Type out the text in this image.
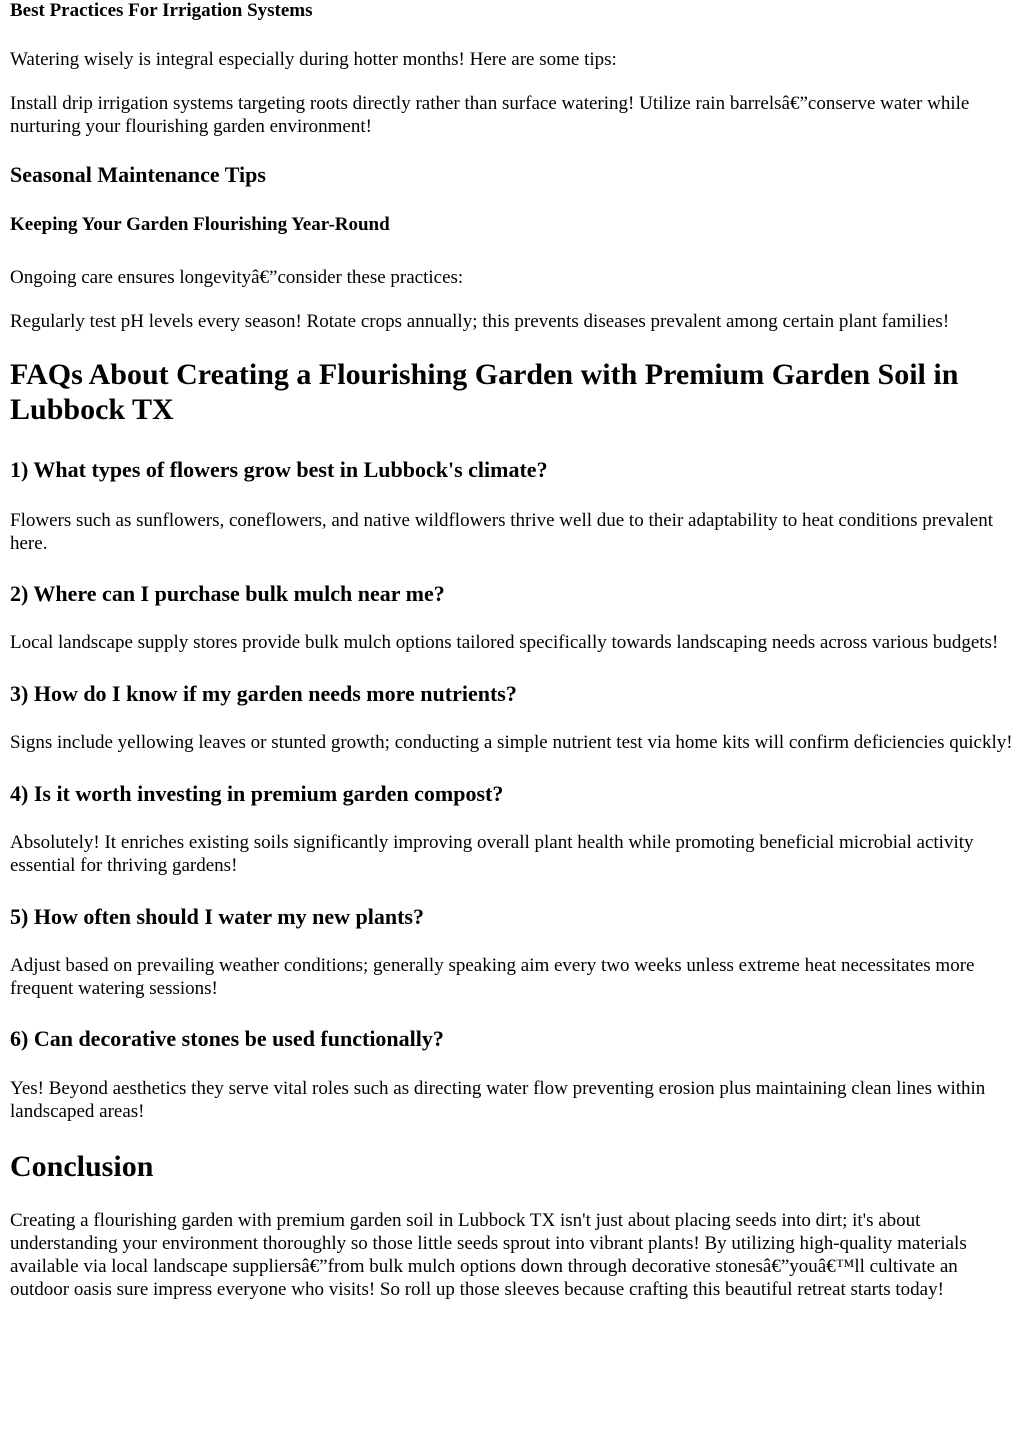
Best Practices For Irrigation Systems

Watering wisely is integral especially during hotter months! Here are some tips:

Install drip irrigation systems targeting roots directly rather than surface watering! Utilize rain barrelsâ€”conserve water while nurturing your flourishing garden environment!

Seasonal Maintenance Tips
Keeping Your Garden Flourishing Year-Round

Ongoing care ensures longevityâ€”consider these practices:

Regularly test pH levels every season! Rotate crops annually; this prevents diseases prevalent among certain plant families!

FAQs About Creating a Flourishing Garden with Premium Garden Soil in Lubbock TX
1) What types of flowers grow best in Lubbock's climate?

Flowers such as sunflowers, coneflowers, and native wildflowers thrive well due to their adaptability to heat conditions prevalent here.

2) Where can I purchase bulk mulch near me?

Local landscape supply stores provide bulk mulch options tailored specifically towards landscaping needs across various budgets!

3) How do I know if my garden needs more nutrients?

Signs include yellowing leaves or stunted growth; conducting a simple nutrient test via home kits will confirm deficiencies quickly!

4) Is it worth investing in premium garden compost?

Absolutely! It enriches existing soils significantly improving overall plant health while promoting beneficial microbial activity essential for thriving gardens!

5) How often should I water my new plants?

Adjust based on prevailing weather conditions; generally speaking aim every two weeks unless extreme heat necessitates more frequent watering sessions!

6) Can decorative stones be used functionally?

Yes! Beyond aesthetics they serve vital roles such as directing water flow preventing erosion plus maintaining clean lines within landscaped areas!

Conclusion

Creating a flourishing garden with premium garden soil in Lubbock TX isn't just about placing seeds into dirt; it's about understanding your environment thoroughly so those little seeds sprout into vibrant plants! By utilizing high-quality materials available via local landscape suppliersâ€”from bulk mulch options down through decorative stonesâ€”youâ€™ll cultivate an outdoor oasis sure impress everyone who visits! So roll up those sleeves because crafting this beautiful retreat starts today!
